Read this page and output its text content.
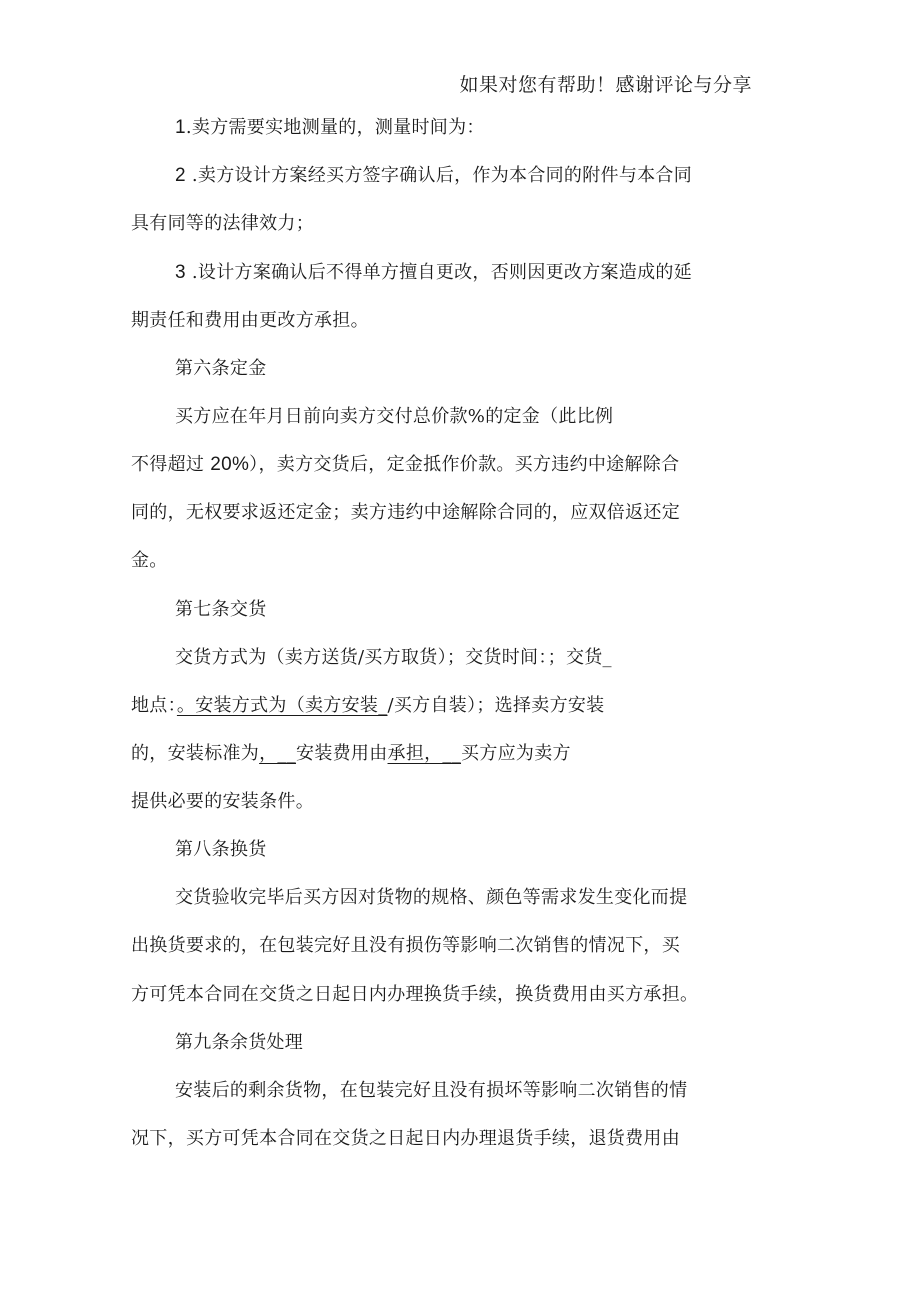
如果对您有帮助！感谢评论与分享
1.卖方需要实地测量的，测量时间为：
2 .卖方设计方案经买方签字确认后，作为本合同的附件与本合同
具有同等的法律效力；
3 .设计方案确认后不得单方擅自更改，否则因更改方案造成的延
期责任和费用由更改方承担。
第六条定金
买方应在年月日前向卖方交付总价款%的定金（此比例
不得超过 20%），卖方交货后，定金抵作价款。买方违约中途解除合
同的，无权要求返还定金；卖方违约中途解除合同的，应双倍返还定
金。
第七条交货
交货方式为（卖方送货/买方取货）；交货时间：；交货_
地点：。安装方式为（卖方安装_/买方自装）；选择卖方安装
的，安装标准为，__安装费用由承担，__买方应为卖方
提供必要的安装条件。
第八条换货
交货验收完毕后买方因对货物的规格、颜色等需求发生变化而提
出换货要求的，在包装完好且没有损伤等影响二次销售的情况下，买
方可凭本合同在交货之日起日内办理换货手续，换货费用由买方承担。
第九条余货处理
安装后的剩余货物，在包装完好且没有损坏等影响二次销售的情
况下，买方可凭本合同在交货之日起日内办理退货手续，退货费用由
